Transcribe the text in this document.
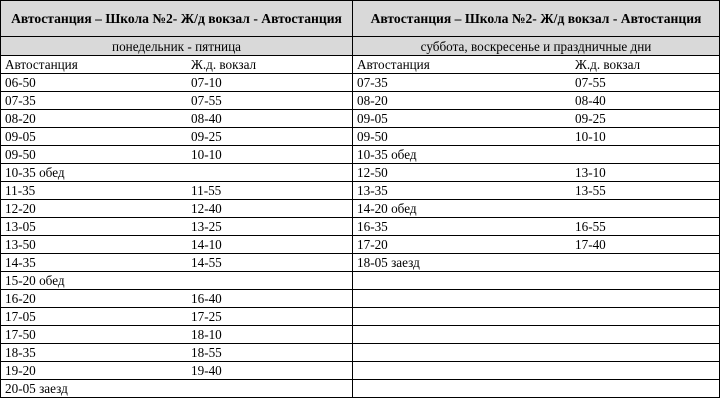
Автостанция – Школа №2- Ж/д вокзал - Автостанция	Автостанция – Школа №2- Ж/д вокзал - Автостанция
понедельник - пятница	суббота, воскресенье и праздничные дни

Автостанция Ж.д. вокзал	Автостанция Ж.д. вокзал

06-50 07-10	07-35 07-55

07-35 07-55	08-20 08-40

08-20 08-40	09-05 09-25

09-05 09-25	09-50 10-10

09-50 10-10	10-35 обед

10-35 обед	12-50 13-10

11-35 11-55	13-35 13-55

12-20 12-40	14-20 обед

13-05 13-25	16-35 16-55

13-50 14-10	17-20 17-40

14-35 14-55	18-05 заезд

15-20 обед	

16-20 16-40	

17-05 17-25	

17-50 18-10	

18-35 18-55	

19-20 19-40	

20-05 заезд	
